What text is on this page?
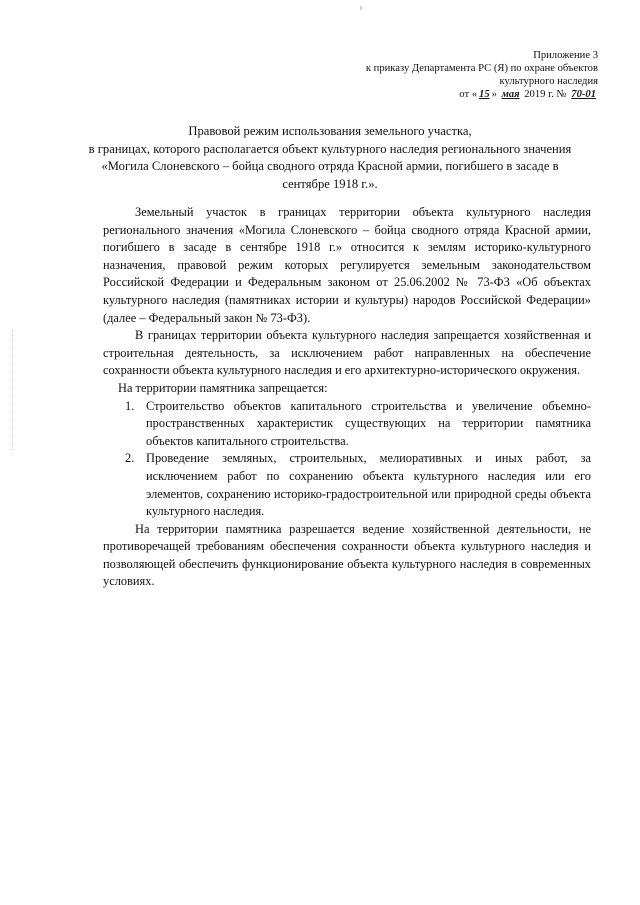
Приложение 3
к приказу Департамента РС (Я) по охране объектов
культурного наследия
от « 15 » мая 2019 г. № 70-01
Правовой режим использования земельного участка,
в границах, которого располагается объект культурного наследия регионального значения
«Могила Слоневского – бойца сводного отряда Красной армии, погибшего в засаде в
сентябре 1918 г.».

Земельный участок в границах территории объекта культурного наследия регионального значения «Могила Слоневского – бойца сводного отряда Красной армии, погибшего в засаде в сентябре 1918 г.» относится к землям историко-культурного назначения, правовой режим которых регулируется земельным законодательством Российской Федерации и Федеральным законом от 25.06.2002 № 73-ФЗ «Об объектах культурного наследия (памятниках истории и культуры) народов Российской Федерации» (далее – Федеральный закон № 73-ФЗ).

В границах территории объекта культурного наследия запрещается хозяйственная и строительная деятельность, за исключением работ направленных на обеспечение сохранности объекта культурного наследия и его архитектурно-исторического окружения.

На территории памятника запрещается:

1. Строительство объектов капитального строительства и увеличение объемно-пространственных характеристик существующих на территории памятника объектов капитального строительства.
2. Проведение земляных, строительных, мелиоративных и иных работ, за исключением работ по сохранению объекта культурного наследия или его элементов, сохранению историко-градостроительной или природной среды объекта культурного наследия.

На территории памятника разрешается ведение хозяйственной деятельности, не противоречащей требованиям обеспечения сохранности объекта культурного наследия и позволяющей обеспечить функционирование объекта культурного наследия в современных условиях.
